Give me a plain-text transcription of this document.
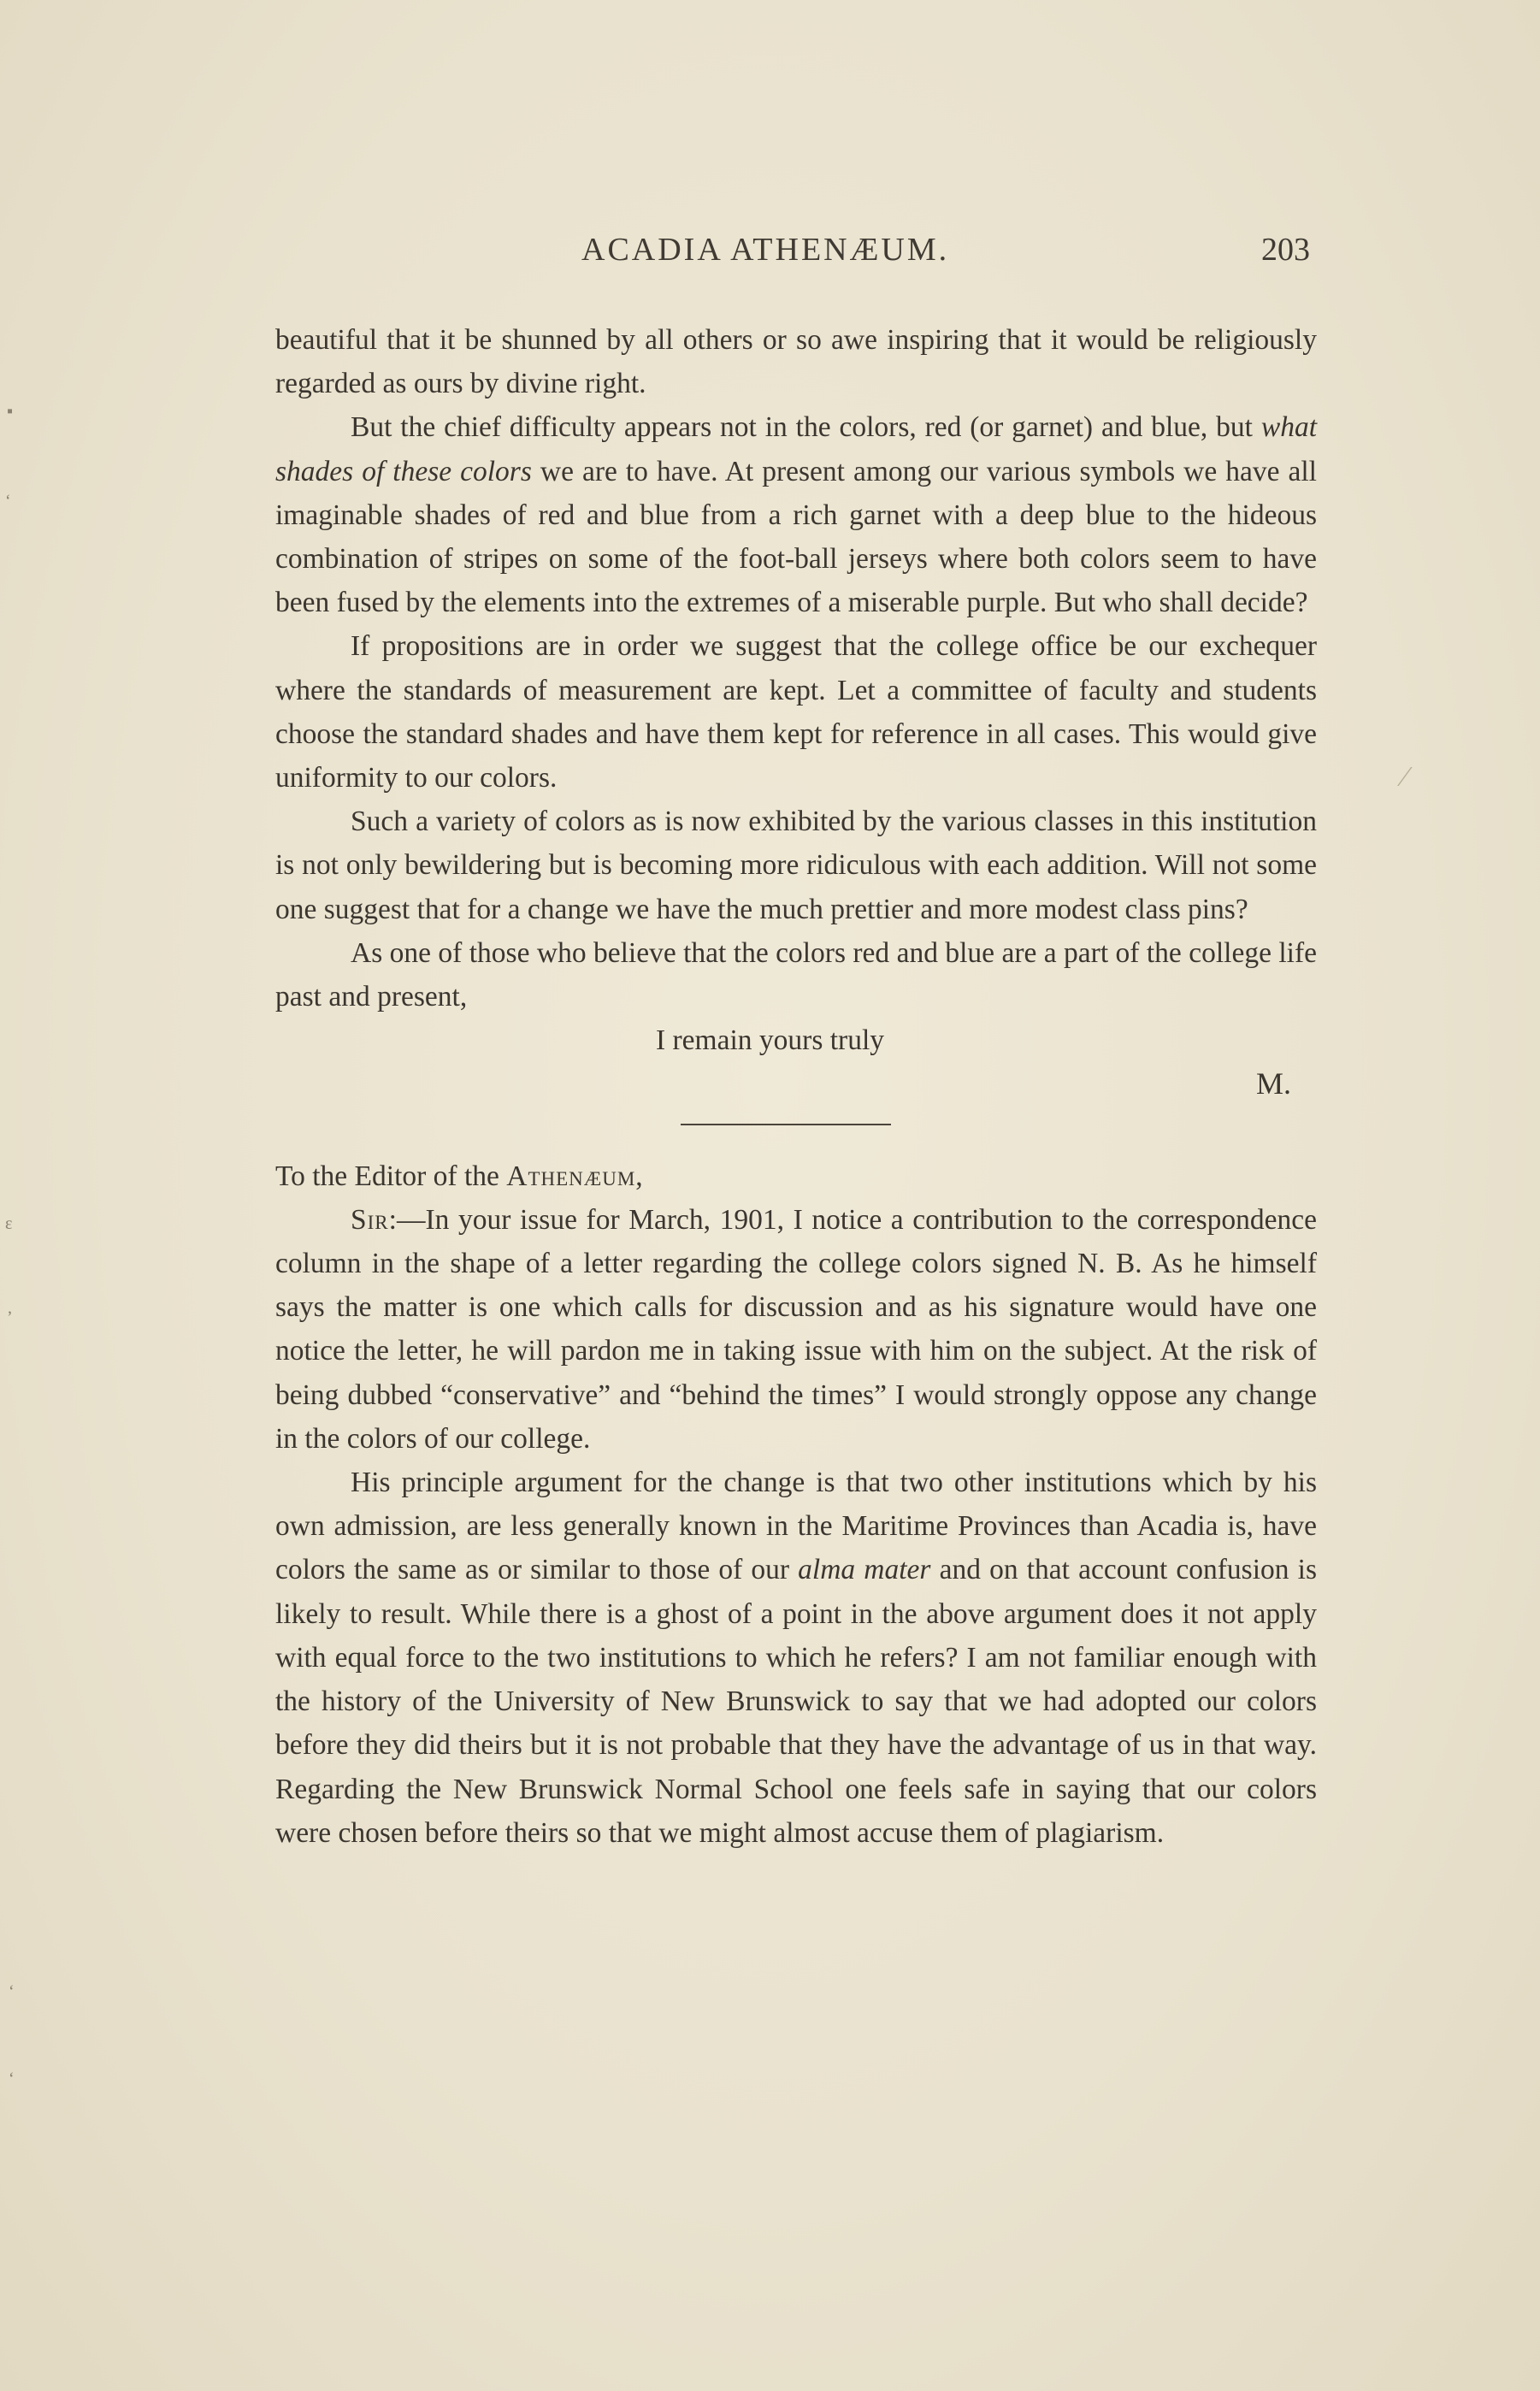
ACADIA ATHENÆUM.	203

beautiful that it be shunned by all others or so awe inspiring that it would be religiously regarded as ours by divine right.

But the chief difficulty appears not in the colors, red (or garnet) and blue, but what shades of these colors we are to have. At present among our various symbols we have all imaginable shades of red and blue from a rich garnet with a deep blue to the hideous combination of stripes on some of the foot-ball jerseys where both colors seem to have been fused by the elements into the extremes of a miserable purple. But who shall decide?

If propositions are in order we suggest that the college office be our exchequer where the standards of measurement are kept. Let a committee of faculty and students choose the standard shades and have them kept for reference in all cases. This would give uniformity to our colors.

Such a variety of colors as is now exhibited by the various classes in this institution is not only bewildering but is becoming more ridiculous with each addition. Will not some one suggest that for a change we have the much prettier and more modest class pins?

As one of those who believe that the colors red and blue are a part of the college life past and present,

I remain yours truly

M.

To the Editor of the Athenæum,

Sir:—In your issue for March, 1901, I notice a contribution to the correspondence column in the shape of a letter regarding the college colors signed N. B. As he himself says the matter is one which calls for discussion and as his signature would have one notice the letter, he will pardon me in taking issue with him on the subject. At the risk of being dubbed “conservative” and “behind the times” I would strongly oppose any change in the colors of our college.

His principle argument for the change is that two other institutions which by his own admission, are less generally known in the Maritime Provinces than Acadia is, have colors the same as or similar to those of our alma mater and on that account confusion is likely to result. While there is a ghost of a point in the above argument does it not apply with equal force to the two institutions to which he refers? I am not familiar enough with the history of the University of New Brunswick to say that we had adopted our colors before they did theirs but it is not probable that they have the advantage of us in that way. Regarding the New Brunswick Normal School one feels safe in saying that our colors were chosen before theirs so that we might almost accuse them of plagiarism.

▪
ʻ
ɛ
ʼ
ʻ
ʻ
⁄
